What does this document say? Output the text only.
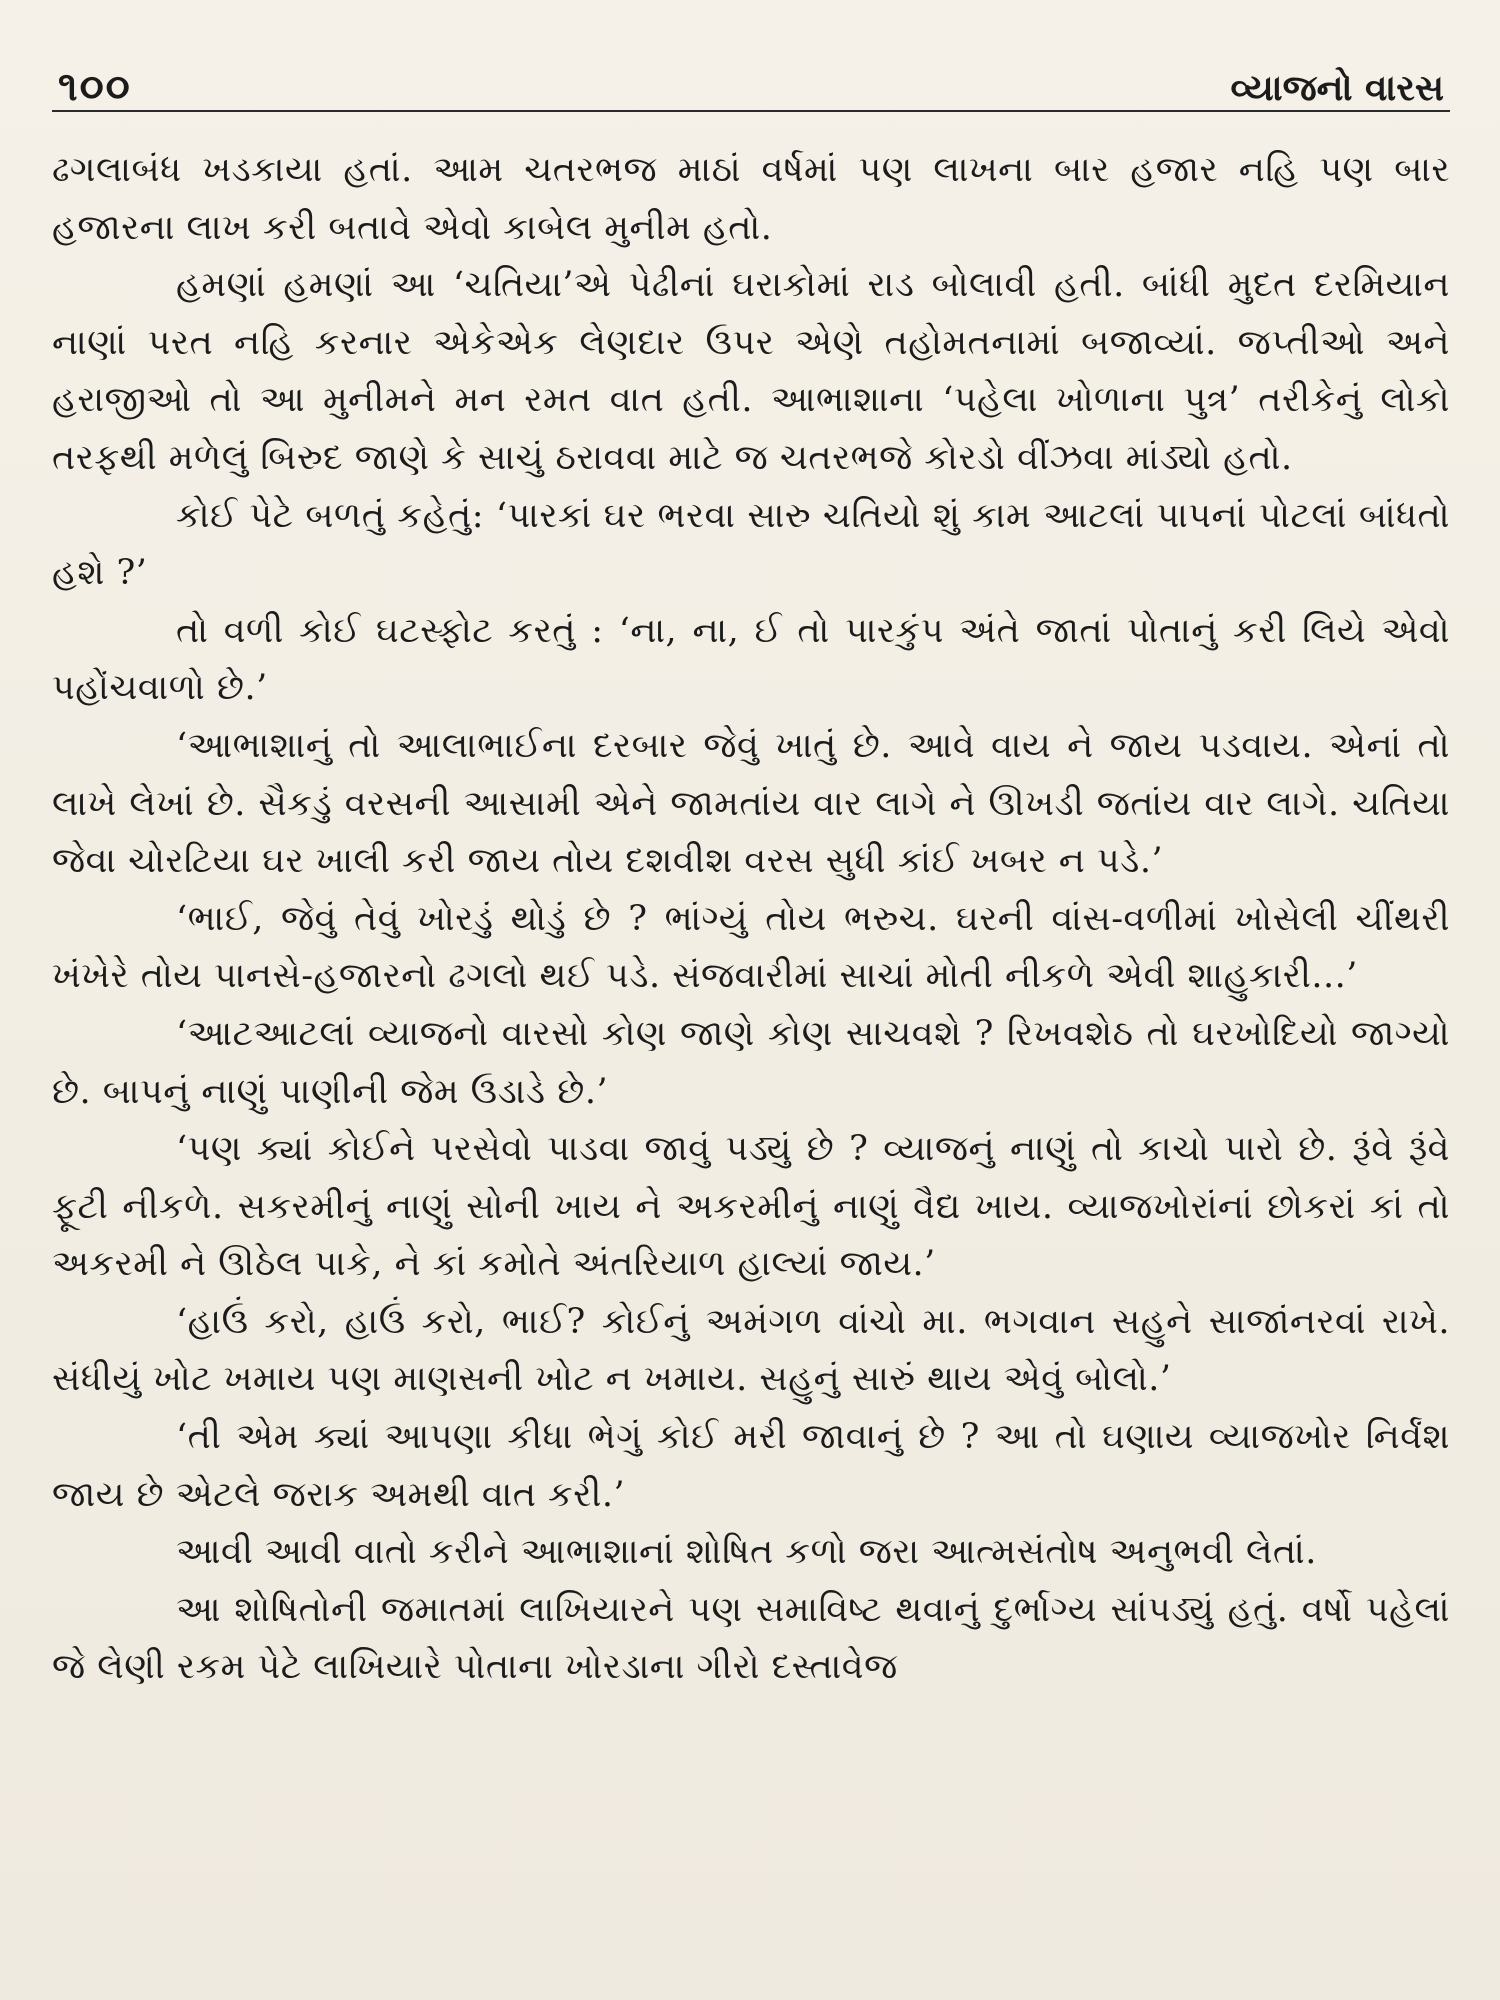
૧૦૦	વ્યાજનો વારસ

ઢગલાબંધ ખડકાયા હતાં. આમ ચતરભજ માઠાં વર્ષમાં પણ લાખના બાર હજાર નહિ પણ બાર હજારના લાખ કરી બતાવે એવો કાબેલ મુનીમ હતો.

હમણાં હમણાં આ ‘ચતિયા’એ પેઢીનાં ઘરાકોમાં રાડ બોલાવી હતી. બાંધી મુદત દરમિયાન નાણાં પરત નહિ કરનાર એકેએક લેણદાર ઉપર એણે તહોમતનામાં બજાવ્યાં. જપ્તીઓ અને હરાજીઓ તો આ મુનીમને મન રમત વાત હતી. આભાશાના ‘પહેલા ખોળાના પુત્ર’ તરીકેનું લોકો તરફથી મળેલું બિરુદ જાણે કે સાચું ઠરાવવા માટે જ ચતરભજે કોરડો વીંઝવા માંડ્યો હતો.

કોઈ પેટે બળતું કહેતું: ‘પારકાં ઘર ભરવા સારુ ચતિયો શું કામ આટલાં પાપનાં પોટલાં બાંધતો હશે ?’

તો વળી કોઈ ઘટસ્ફોટ કરતું : ‘ના, ના, ઈ તો પારકુંપ અંતે જાતાં પોતાનું કરી લિયે એવો પહોંચવાળો છે.’

‘આભાશાનું તો આલાભાઈના દરબાર જેવું ખાતું છે. આવે વાય ને જાય પડવાય. એનાં તો લાખે લેખાં છે. સૈકડું વરસની આસામી એને જામતાંય વાર લાગે ને ઊખડી જતાંય વાર લાગે. ચતિયા જેવા ચોરટિયા ઘર ખાલી કરી જાય તોય દશવીશ વરસ સુધી કાંઈ ખબર ન પડે.’

‘ભાઈ, જેવું તેવું ખોરડું થોડું છે ? ભાંગ્યું તોય ભરુચ. ઘરની વાંસ-વળીમાં ખોસેલી ચીંથરી ખંખેરે તોય પાનસે-હજારનો ઢગલો થઈ પડે. સંજવારીમાં સાચાં મોતી નીકળે એવી શાહુકારી...’

‘આટઆટલાં વ્યાજનો વારસો કોણ જાણે કોણ સાચવશે ? રિખવશેઠ તો ઘરખોદિયો જાગ્યો છે. બાપનું નાણું પાણીની જેમ ઉડાડે છે.’

‘પણ ક્યાં કોઈને પરસેવો પાડવા જાવું પડ્યું છે ? વ્યાજનું નાણું તો કાચો પારો છે. રૂંવે રૂંવે ફૂટી નીકળે. સકરમીનું નાણું સોની ખાય ને અકરમીનું નાણું વૈદ્ય ખાય. વ્યાજખોરાંનાં છોકરાં કાં તો અકરમી ને ઊઠેલ પાકે, ને કાં કમોતે અંતરિયાળ હાલ્યાં જાય.’

‘હાઉં કરો, હાઉં કરો, ભાઈ? કોઈનું અમંગળ વાંચો મા. ભગવાન સહુને સાજાંનરવાં રાખે. સંધીયું ખોટ ખમાય પણ માણસની ખોટ ન ખમાય. સહુનું સારું થાય એવું બોલો.’

‘તી એમ ક્યાં આપણા કીધા ભેગું કોઈ મરી જાવાનું છે ? આ તો ઘણાય વ્યાજખોર નિર્વંશ જાય છે એટલે જરાક અમથી વાત કરી.’

આવી આવી વાતો કરીને આભાશાનાં શોષિત કળો જરા આત્મસંતોષ અનુભવી લેતાં.

આ શોષિતોની જમાતમાં લાખિયારને પણ સમાવિષ્ટ થવાનું દુર્ભાગ્ય સાંપડ્યું હતું. વર્ષો પહેલાં જે લેણી રકમ પેટે લાખિયારે પોતાના ખોરડાના ગીરો દસ્તાવેજ
